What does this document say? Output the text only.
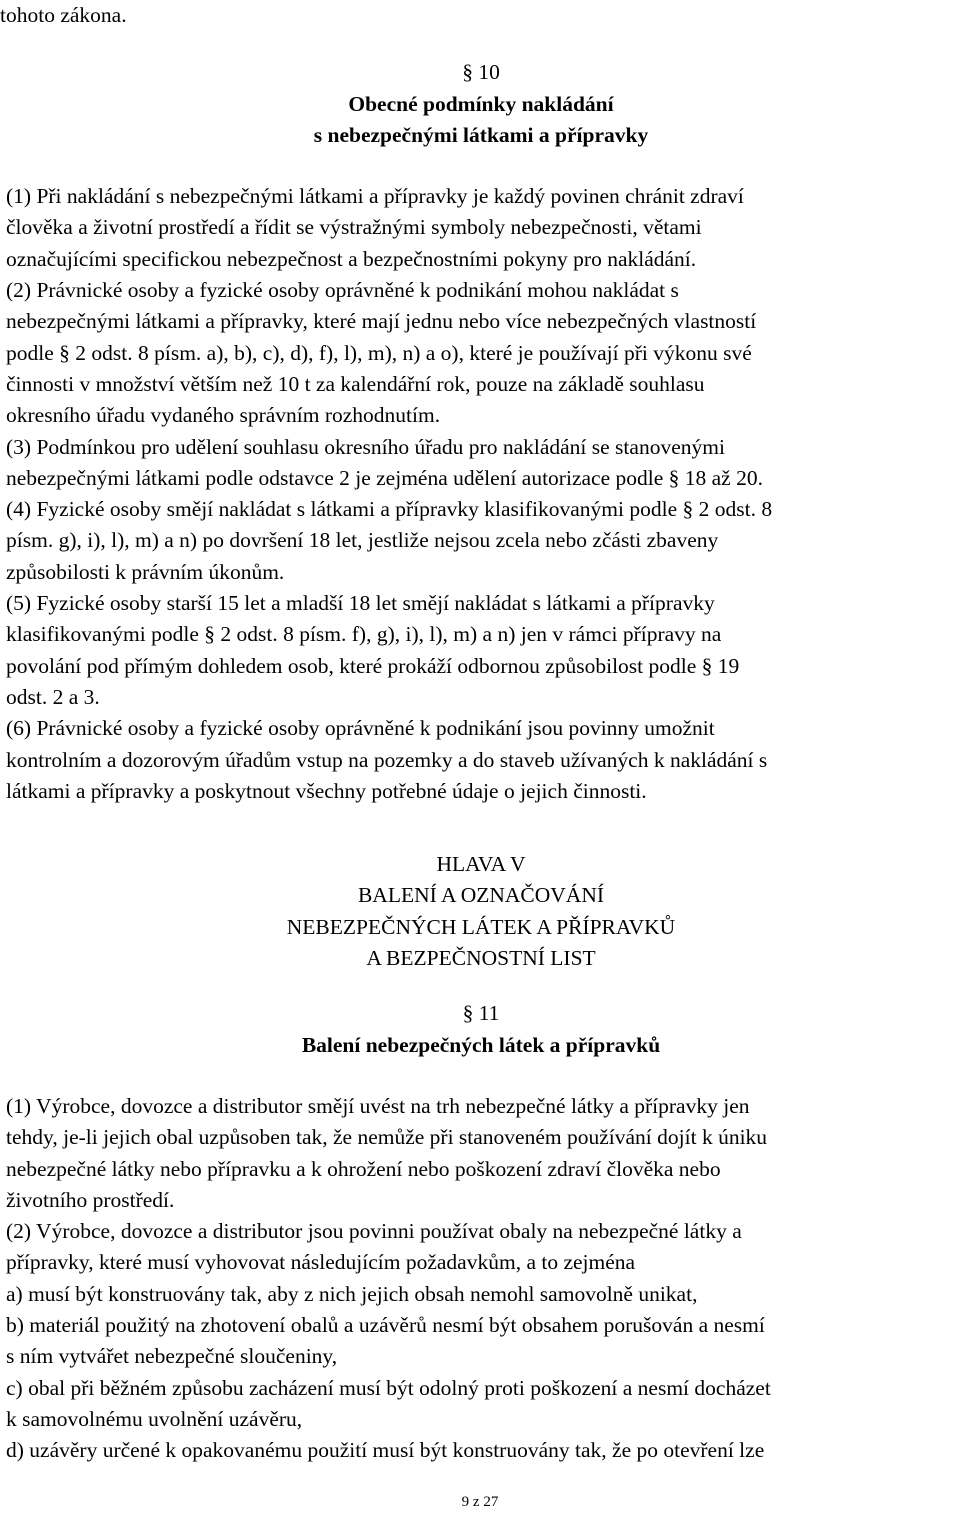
tohoto zákona.

§ 10

Obecné podmínky nakládání

s nebezpečnými látkami a přípravky

(1) Při nakládání s nebezpečnými látkami a přípravky je každý povinen chránit zdraví

člověka a životní prostředí a řídit se výstražnými symboly nebezpečnosti, větami

označujícími specifickou nebezpečnost a bezpečnostními pokyny pro nakládání.

(2) Právnické osoby a fyzické osoby oprávněné k podnikání mohou nakládat s

nebezpečnými látkami a přípravky, které mají jednu nebo více nebezpečných vlastností

podle § 2 odst. 8 písm. a), b), c), d), f), l), m), n) a o), které je používají při výkonu své

činnosti v množství větším než 10 t za kalendářní rok, pouze na základě souhlasu

okresního úřadu vydaného správním rozhodnutím.

(3) Podmínkou pro udělení souhlasu okresního úřadu pro nakládání se stanovenými

nebezpečnými látkami podle odstavce 2 je zejména udělení autorizace podle § 18 až 20.

(4) Fyzické osoby smějí nakládat s látkami a přípravky klasifikovanými podle § 2 odst. 8

písm. g), i), l), m) a n) po dovršení 18 let, jestliže nejsou zcela nebo zčásti zbaveny

způsobilosti k právním úkonům.

(5) Fyzické osoby starší 15 let a mladší 18 let smějí nakládat s látkami a přípravky

klasifikovanými podle § 2 odst. 8 písm. f), g), i), l), m) a n) jen v rámci přípravy na

povolání pod přímým dohledem osob, které prokáží odbornou způsobilost podle § 19

odst. 2 a 3.

(6) Právnické osoby a fyzické osoby oprávněné k podnikání jsou povinny umožnit

kontrolním a dozorovým úřadům vstup na pozemky a do staveb užívaných k nakládání s

látkami a přípravky a poskytnout všechny potřebné údaje o jejich činnosti.

HLAVA V

BALENÍ A OZNAČOVÁNÍ

NEBEZPEČNÝCH LÁTEK A PŘÍPRAVKŮ

A BEZPEČNOSTNÍ LIST

§ 11

Balení nebezpečných látek a přípravků

(1) Výrobce, dovozce a distributor smějí uvést na trh nebezpečné látky a přípravky jen

tehdy, je-li jejich obal uzpůsoben tak, že nemůže při stanoveném používání dojít k úniku

nebezpečné látky nebo přípravku a k ohrožení nebo poškození zdraví člověka nebo

životního prostředí.

(2) Výrobce, dovozce a distributor jsou povinni používat obaly na nebezpečné látky a

přípravky, které musí vyhovovat následujícím požadavkům, a to zejména

a) musí být konstruovány tak, aby z nich jejich obsah nemohl samovolně unikat,

b) materiál použitý na zhotovení obalů a uzávěrů nesmí být obsahem porušován a nesmí

s ním vytvářet nebezpečné sloučeniny,

c) obal při běžném způsobu zacházení musí být odolný proti poškození a nesmí docházet

k samovolnému uvolnění uzávěru,

d) uzávěry určené k opakovanému použití musí být konstruovány tak, že po otevření lze

9 z 27
